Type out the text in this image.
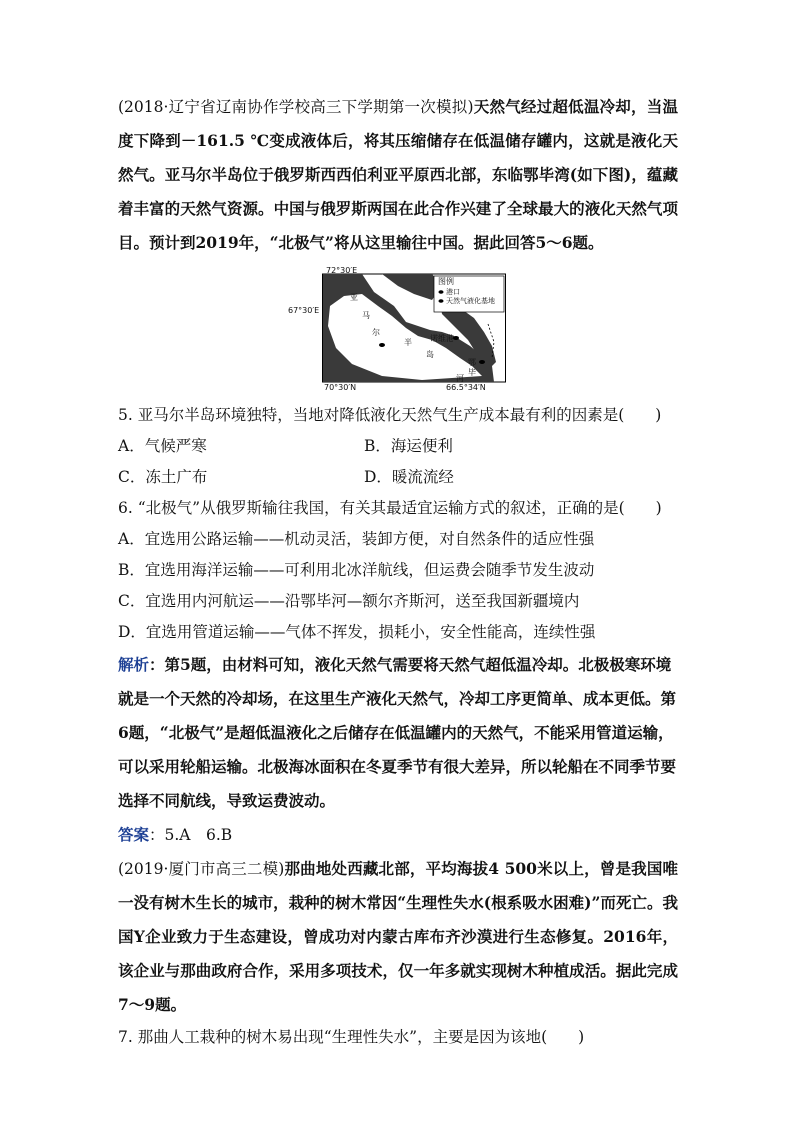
(2018·辽宁省辽南协作学校高三下学期第一次模拟)天然气经过超低温冷却，当温度下降到－161.5 ℃变成液体后，将其压缩储存在低温储存罐内，这就是液化天然气。亚马尔半岛位于俄罗斯西西伯利亚平原西北部，东临鄂毕湾(如下图)，蕴藏着丰富的天然气资源。中国与俄罗斯两国在此合作兴建了全球最大的液化天然气项目。预计到2019年，“北极气”将从这里输往中国。据此回答5～6题。

72°30′E
67°30′E
70°30′N	66.5°34′N
图例
港口
天然气液化基地
亚
马
尔
半
岛
诺维港
鄂
毕
河

5. 亚马尔半岛环境独特，当地对降低液化天然气生产成本最有利的因素是(　　)

A．气候严寒	B．海运便利
C．冻土广布	D．暖流流经

6. “北极气”从俄罗斯输往我国，有关其最适宜运输方式的叙述，正确的是(　　)

A．宜选用公路运输——机动灵活，装卸方便，对自然条件的适应性强

B．宜选用海洋运输——可利用北冰洋航线，但运费会随季节发生波动

C．宜选用内河航运——沿鄂毕河—额尔齐斯河，送至我国新疆境内

D．宜选用管道运输——气体不挥发，损耗小，安全性能高，连续性强

解析：第5题，由材料可知，液化天然气需要将天然气超低温冷却。北极极寒环境就是一个天然的冷却场，在这里生产液化天然气，冷却工序更简单、成本更低。第6题，“北极气”是超低温液化之后储存在低温罐内的天然气，不能采用管道运输，可以采用轮船运输。北极海冰面积在冬夏季节有很大差异，所以轮船在不同季节要选择不同航线，导致运费波动。

答案：5.A　6.B

(2019·厦门市高三二模)那曲地处西藏北部，平均海拔4 500米以上，曾是我国唯一没有树木生长的城市，栽种的树木常因“生理性失水(根系吸水困难)”而死亡。我国Y企业致力于生态建设，曾成功对内蒙古库布齐沙漠进行生态修复。2016年，该企业与那曲政府合作，采用多项技术，仅一年多就实现树木种植成活。据此完成7～9题。

7. 那曲人工栽种的树木易出现“生理性失水”，主要是因为该地(　　)
